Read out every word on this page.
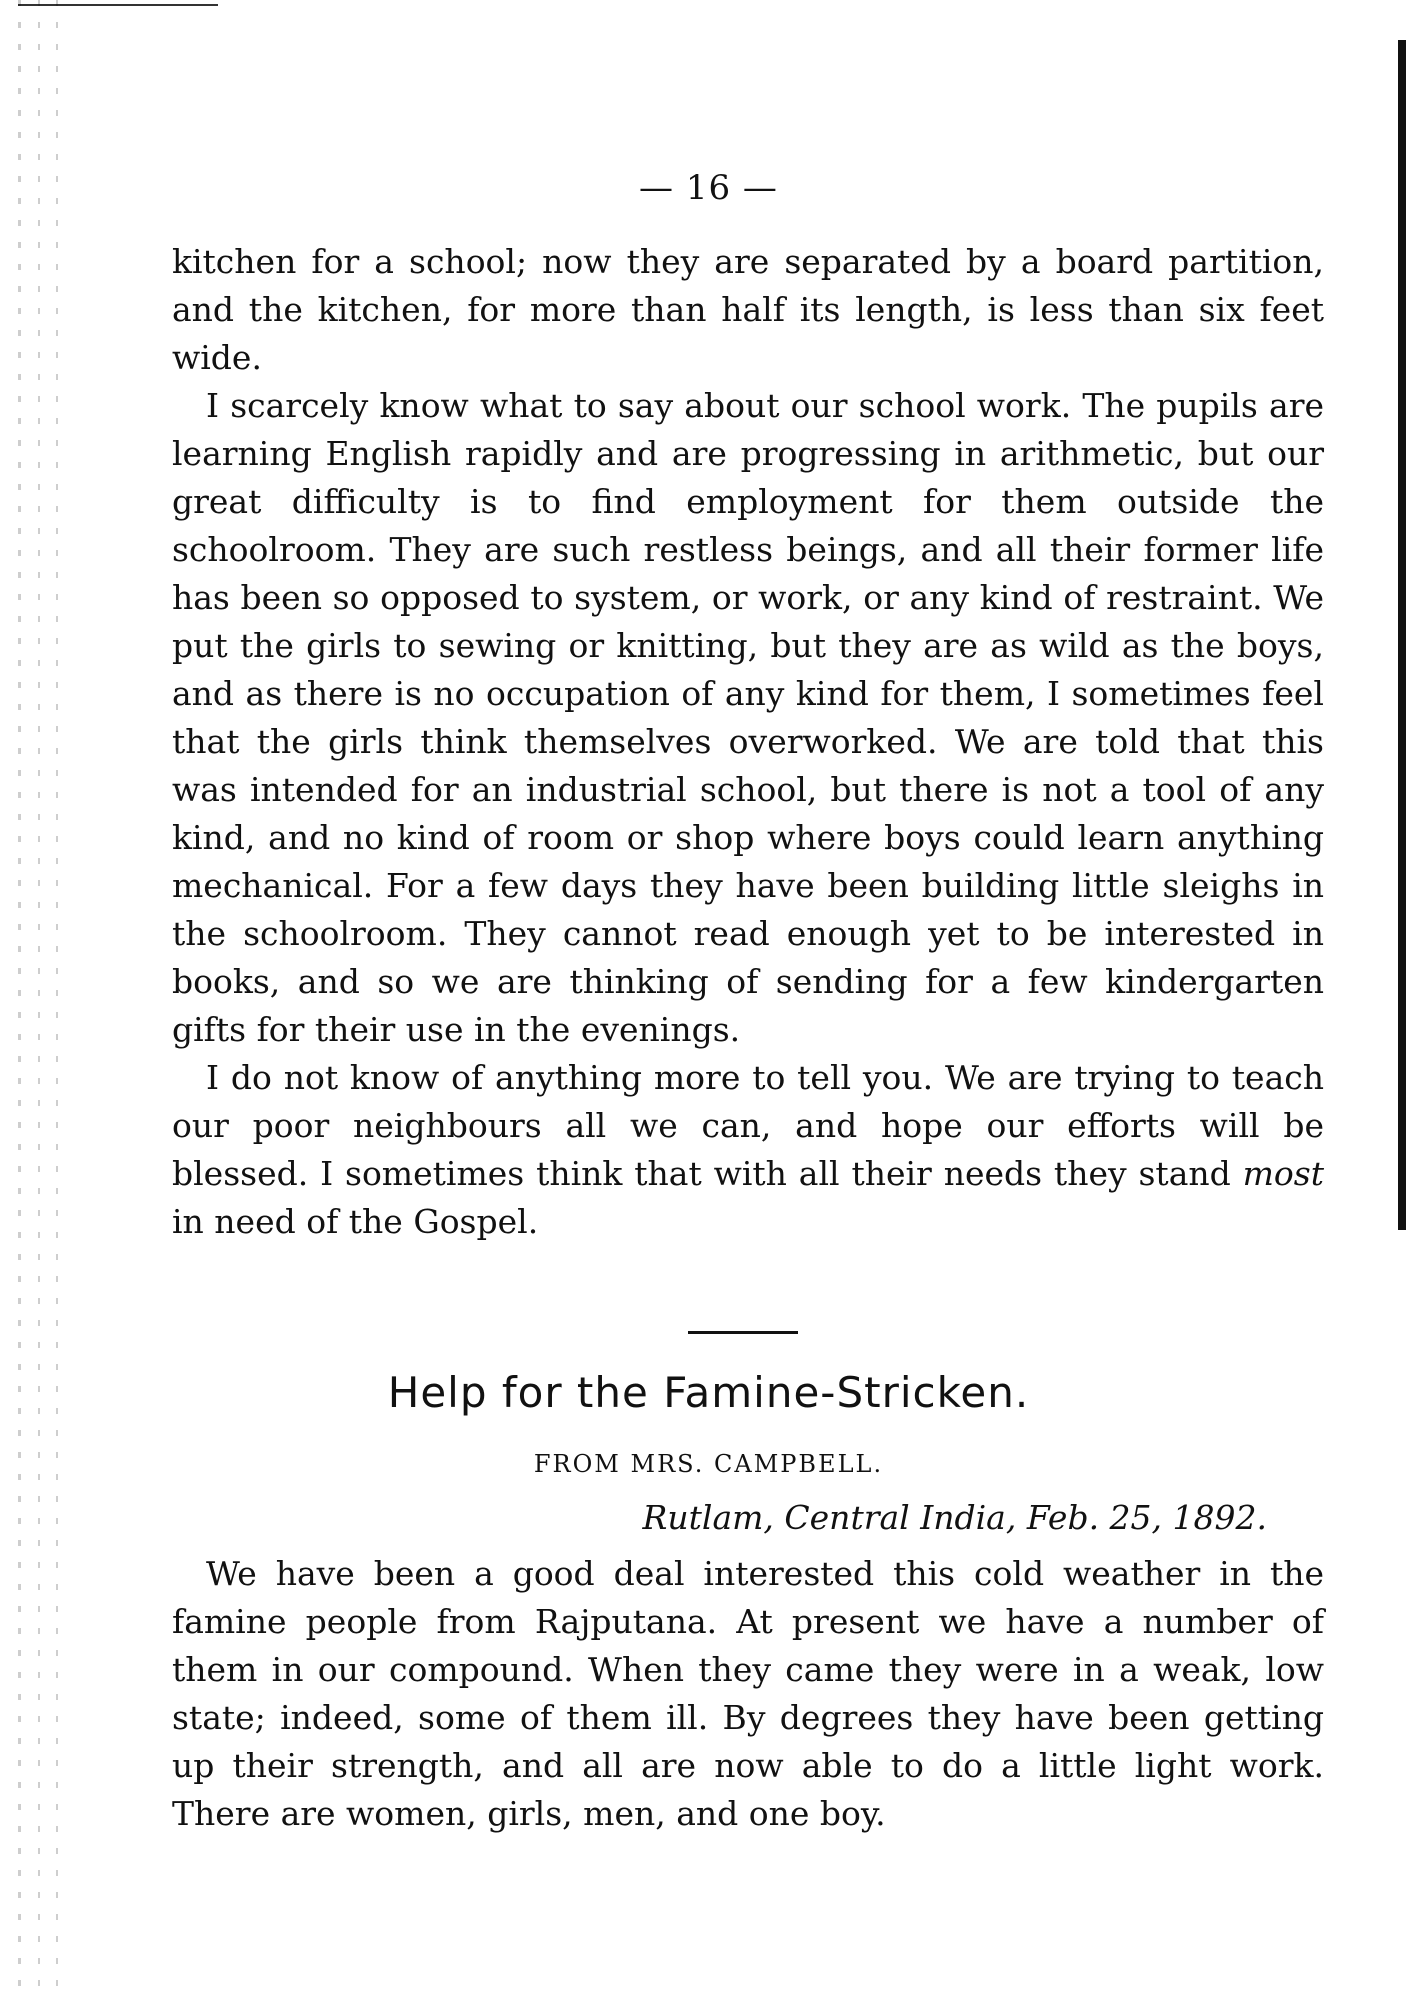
— 16 —

kitchen for a school; now they are separated by a board partition, and the kitchen, for more than half its length, is less than six feet wide.

I scarcely know what to say about our school work. The pupils are learning English rapidly and are progressing in arithmetic, but our great difficulty is to find employment for them outside the schoolroom. They are such restless beings, and all their former life has been so opposed to system, or work, or any kind of restraint. We put the girls to sewing or knitting, but they are as wild as the boys, and as there is no occupation of any kind for them, I sometimes feel that the girls think themselves overworked. We are told that this was intended for an industrial school, but there is not a tool of any kind, and no kind of room or shop where boys could learn anything mechanical. For a few days they have been building little sleighs in the schoolroom. They cannot read enough yet to be interested in books, and so we are thinking of sending for a few kindergarten gifts for their use in the evenings.

I do not know of anything more to tell you. We are trying to teach our poor neighbours all we can, and hope our efforts will be blessed. I sometimes think that with all their needs they stand most in need of the Gospel.

Help for the Famine-Stricken.
FROM MRS. CAMPBELL.
Rutlam, Central India, Feb. 25, 1892.

We have been a good deal interested this cold weather in the famine people from Rajputana. At present we have a number of them in our compound. When they came they were in a weak, low state; indeed, some of them ill. By degrees they have been getting up their strength, and all are now able to do a little light work. There are women, girls, men, and one boy.
